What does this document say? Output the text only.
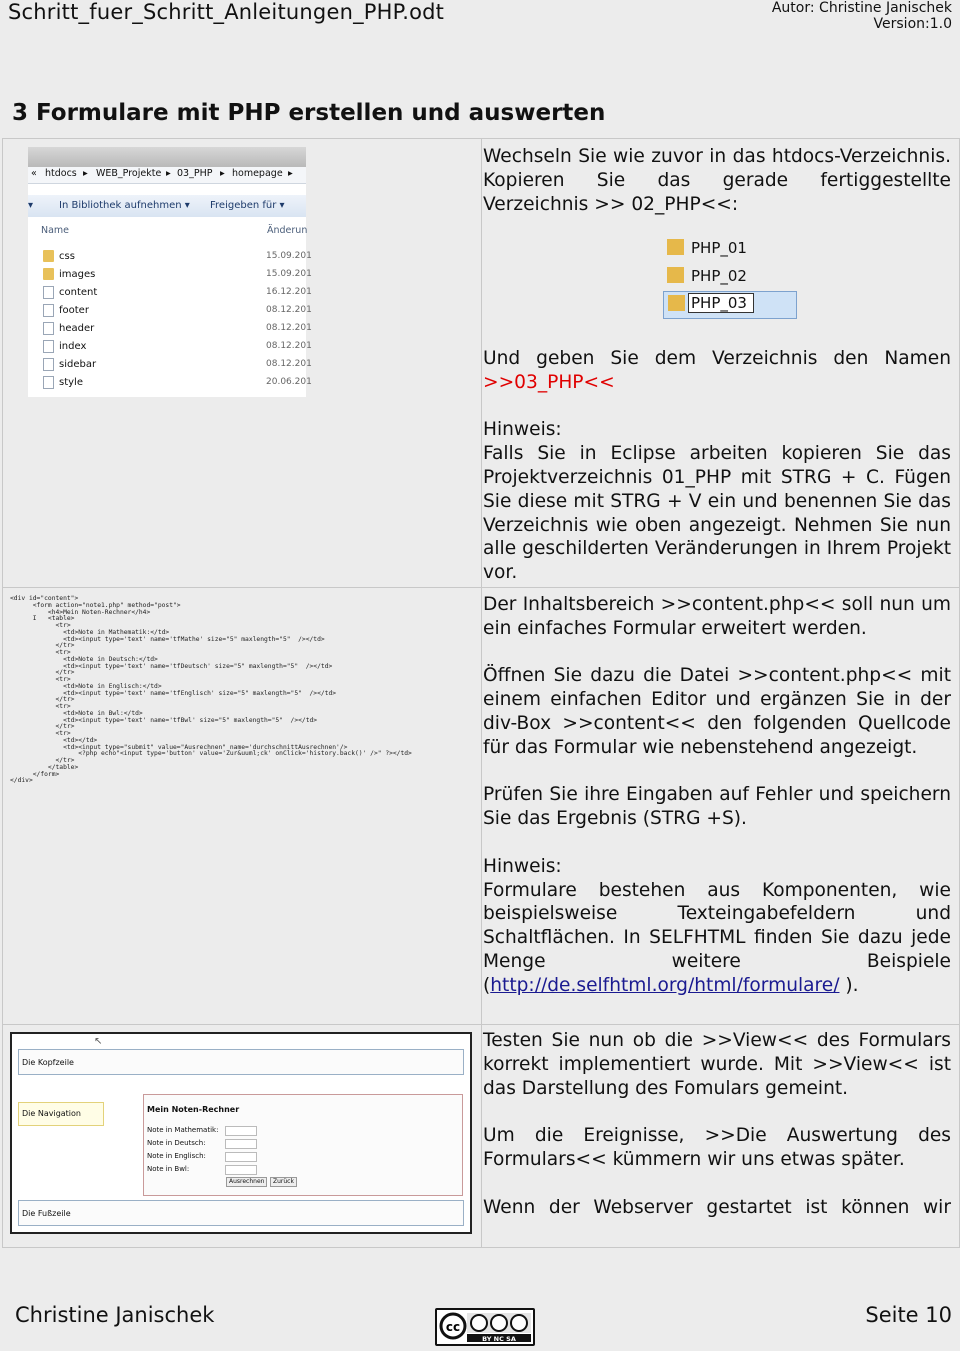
Schritt_fuer_Schritt_Anleitungen_PHP.odt	Autor: Christine Janischek
Version:1.0
3 Formulare mit PHP erstellen und auswerten
« htdocs ▸ WEB_Projekte ▸ 03_PHP ▸ homepage ▸
▾	In Bibliothek aufnehmen ▾ Freigeben für ▾
Name	Änderun
css	15.09.201
images	15.09.201
content	16.12.201
footer	08.12.201
header	08.12.201
index	08.12.201
sidebar	08.12.201
style	20.06.201

Wechseln Sie wie zuvor in das htdocs-Verzeichnis. Kopieren Sie das gerade fertiggestellte Verzeichnis >> 02_PHP<<:

PHP_01
PHP_02
PHP_03

Und geben Sie dem Verzeichnis den Namen

>>03_PHP<<

Hinweis:

Falls Sie in Eclipse arbeiten kopieren Sie das Projektverzeichnis 01_PHP mit STRG + C. Fügen Sie diese mit STRG + V ein und benennen Sie das Verzeichnis wie oben angezeigt. Nehmen Sie nun alle geschilderten Veränderungen in Ihrem Projekt vor.

<div id="content">
<form action="note1.php" method="post">
<h4>Mein Noten-Rechner</h4>
I   <table>
<tr>
<td>Note in Mathematik:</td>
<td><input type='text' name='tfMathe' size="5" maxlength="5"  /></td>
</tr>
<tr>
<td>Note in Deutsch:</td>
<td><input type='text' name='tfDeutsch' size="5" maxlength="5"  /></td>
</tr>
<tr>
<td>Note in Englisch:</td>
<td><input type='text' name='tfEnglisch' size="5" maxlength="5"  /></td>
</tr>
<tr>
<td>Note in Bwl:</td>
<td><input type='text' name='tfBwl' size="5" maxlength="5"  /></td>
</tr>
<tr>
<td></td>
<td><input type="submit" value="Ausrechnen" name='durchschnittAusrechnen'/>
<?php echo"<input type='button' value='Zur&uuml;ck' onClick='history.back()' />" ?></td>
</tr>
</table>
</form>
</div>

Der Inhaltsbereich >>content.php<< soll nun um ein einfaches Formular erweitert werden.

Öffnen Sie dazu die Datei >>content.php<< mit einem einfachen Editor und ergänzen Sie in der div-Box >>content<< den folgenden Quellcode für das Formular wie nebenstehend angezeigt.

Prüfen Sie ihre Eingaben auf Fehler und speichern Sie das Ergebnis (STRG +S).

Hinweis:

Formulare bestehen aus Komponenten, wie beispielsweise Texteingabefeldern und Schaltflächen. In SELFHTML finden Sie dazu jede Menge weitere Beispiele (http://de.selfhtml.org/html/formulare/ ).

↖
Die Kopfzeile
Die Navigation	Mein Noten-Rechner
Note in Mathematik:
Note in Deutsch:
Note in Englisch:
Note in Bwl:
Ausrechnen	Zurück
Die Fußzeile

Testen Sie nun ob die >>View<< des Formulars korrekt implementiert wurde. Mit >>View<< ist das Darstellung des Fomulars gemeint.

Um die Ereignisse, >>Die Auswertung des Formulars<< kümmern wir uns etwas später.

Wenn der Webserver gestartet ist können wir

Christine Janischek	cc
BY NC SA
Seite 10
